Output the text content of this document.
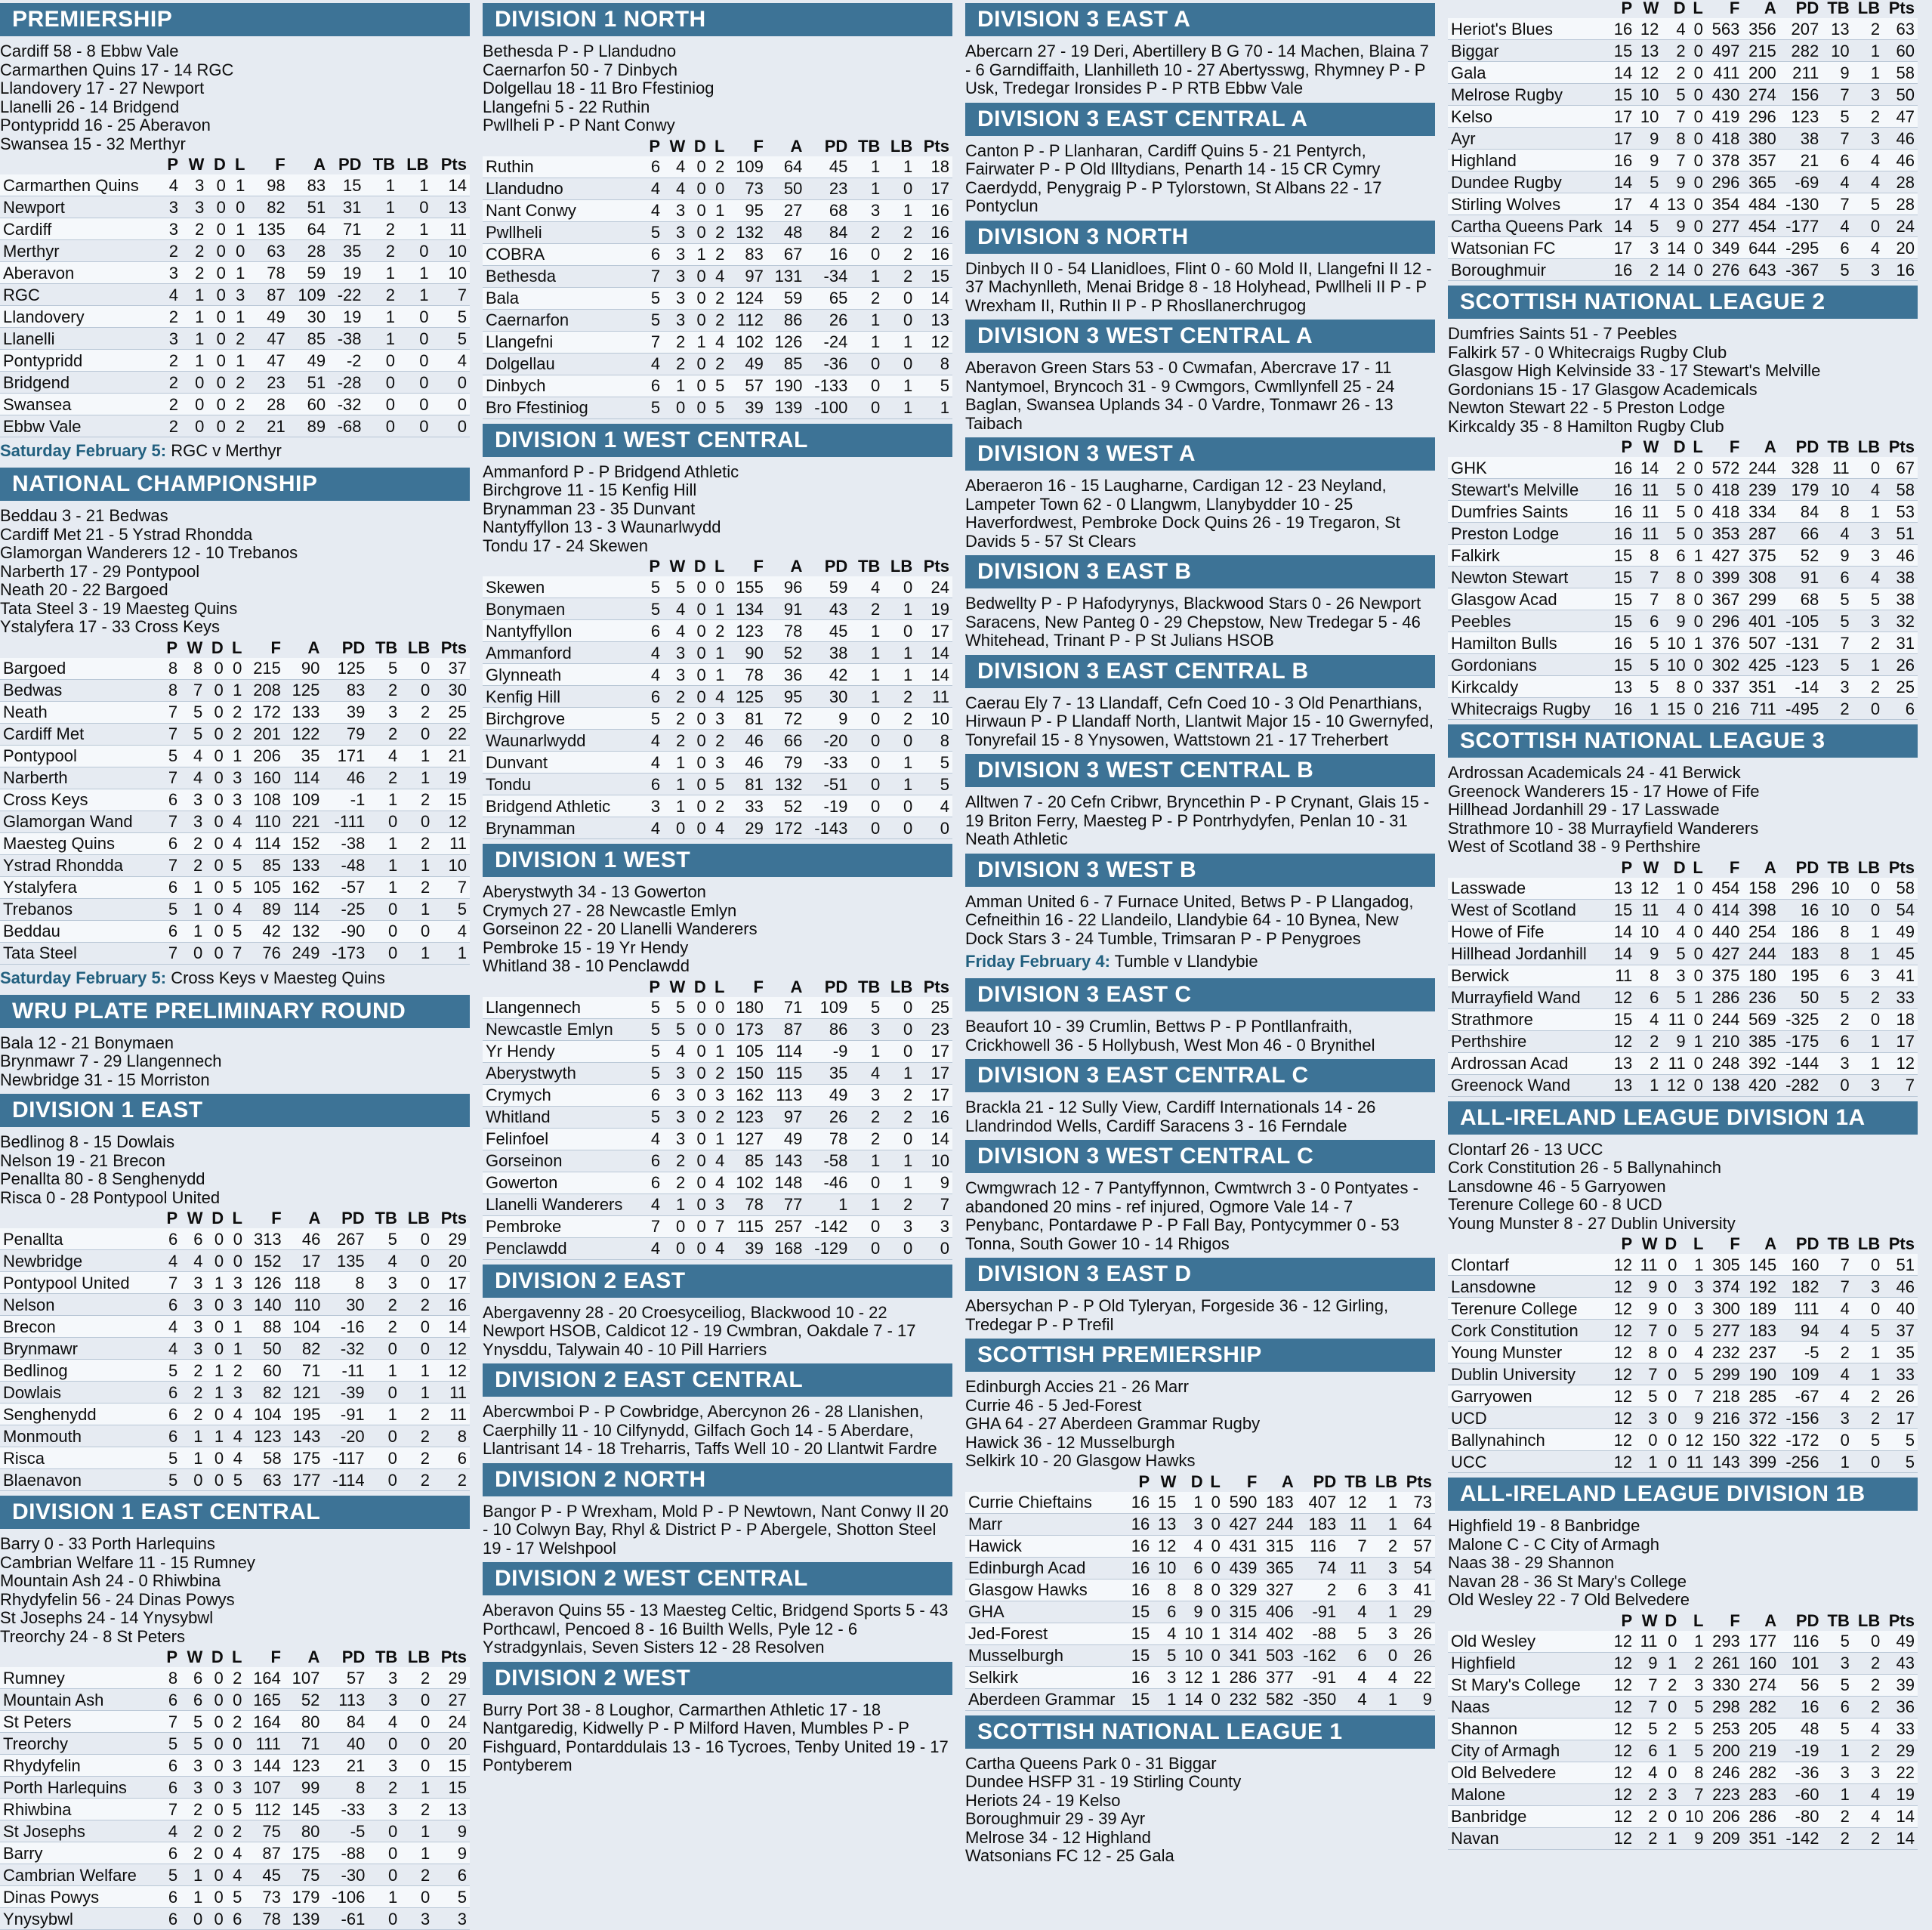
PREMIERSHIP
Cardiff 58 - 8 Ebbw Vale
Carmarthen Quins 17 - 14 RGC
Llandovery 17 - 27 Newport
Llanelli 26 - 14 Bridgend
Pontypridd 16 - 25 Aberavon
Swansea 15 - 32 Merthyr
	P	W	D	L	F	A	PD	TB	LB	Pts
Carmarthen Quins	4	3	0	1	98	83	15	1	1	14
Newport	3	3	0	0	82	51	31	1	0	13
Cardiff	3	2	0	1	135	64	71	2	1	11
Merthyr	2	2	0	0	63	28	35	2	0	10
Aberavon	3	2	0	1	78	59	19	1	1	10
RGC	4	1	0	3	87	109	-22	2	1	7
Llandovery	2	1	0	1	49	30	19	1	0	5
Llanelli	3	1	0	2	47	85	-38	1	0	5
Pontypridd	2	1	0	1	47	49	-2	0	0	4
Bridgend	2	0	0	2	23	51	-28	0	0	0
Swansea	2	0	0	2	28	60	-32	0	0	0
Ebbw Vale	2	0	0	2	21	89	-68	0	0	0
Saturday February 5: RGC v Merthyr
NATIONAL CHAMPIONSHIP
Beddau 3 - 21 Bedwas
Cardiff Met 21 - 5 Ystrad Rhondda
Glamorgan Wanderers 12 - 10 Trebanos
Narberth 17 - 29 Pontypool
Neath 20 - 22 Bargoed
Tata Steel 3 - 19 Maesteg Quins
Ystalyfera 17 - 33 Cross Keys
	P	W	D	L	F	A	PD	TB	LB	Pts
Bargoed	8	8	0	0	215	90	125	5	0	37
Bedwas	8	7	0	1	208	125	83	2	0	30
Neath	7	5	0	2	172	133	39	3	2	25
Cardiff Met	7	5	0	2	201	122	79	2	0	22
Pontypool	5	4	0	1	206	35	171	4	1	21
Narberth	7	4	0	3	160	114	46	2	1	19
Cross Keys	6	3	0	3	108	109	-1	1	2	15
Glamorgan Wand	7	3	0	4	110	221	-111	0	0	12
Maesteg Quins	6	2	0	4	114	152	-38	1	2	11
Ystrad Rhondda	7	2	0	5	85	133	-48	1	1	10
Ystalyfera	6	1	0	5	105	162	-57	1	2	7
Trebanos	5	1	0	4	89	114	-25	0	1	5
Beddau	6	1	0	5	42	132	-90	0	0	4
Tata Steel	7	0	0	7	76	249	-173	0	1	1
Saturday February 5: Cross Keys v Maesteg Quins
WRU PLATE PRELIMINARY ROUND
Bala 12 - 21 Bonymaen
Brynmawr 7 - 29 Llangennech
Newbridge 31 - 15 Morriston
DIVISION 1 EAST
Bedlinog 8 - 15 Dowlais
Nelson 19 - 21 Brecon
Penallta 80 - 8 Senghenydd
Risca 0 - 28 Pontypool United
	P	W	D	L	F	A	PD	TB	LB	Pts
Penallta	6	6	0	0	313	46	267	5	0	29
Newbridge	4	4	0	0	152	17	135	4	0	20
Pontypool United	7	3	1	3	126	118	8	3	0	17
Nelson	6	3	0	3	140	110	30	2	2	16
Brecon	4	3	0	1	88	104	-16	2	0	14
Brynmawr	4	3	0	1	50	82	-32	0	0	12
Bedlinog	5	2	1	2	60	71	-11	1	1	12
Dowlais	6	2	1	3	82	121	-39	0	1	11
Senghenydd	6	2	0	4	104	195	-91	1	2	11
Monmouth	6	1	1	4	123	143	-20	0	2	8
Risca	5	1	0	4	58	175	-117	0	2	6
Blaenavon	5	0	0	5	63	177	-114	0	2	2
DIVISION 1 EAST CENTRAL
Barry 0 - 33 Porth Harlequins
Cambrian Welfare 11 - 15 Rumney
Mountain Ash 24 - 0 Rhiwbina
Rhydyfelin 56 - 24 Dinas Powys
St Josephs 24 - 14 Ynysybwl
Treorchy 24 - 8 St Peters
	P	W	D	L	F	A	PD	TB	LB	Pts
Rumney	8	6	0	2	164	107	57	3	2	29
Mountain Ash	6	6	0	0	165	52	113	3	0	27
St Peters	7	5	0	2	164	80	84	4	0	24
Treorchy	5	5	0	0	111	71	40	0	0	20
Rhydyfelin	6	3	0	3	144	123	21	3	0	15
Porth Harlequins	6	3	0	3	107	99	8	2	1	15
Rhiwbina	7	2	0	5	112	145	-33	3	2	13
St Josephs	4	2	0	2	75	80	-5	0	1	9
Barry	6	2	0	4	87	175	-88	0	1	9
Cambrian Welfare	5	1	0	4	45	75	-30	0	2	6
Dinas Powys	6	1	0	5	73	179	-106	1	0	5
Ynysybwl	6	0	0	6	78	139	-61	0	3	3
DIVISION 1 NORTH
Bethesda P - P Llandudno
Caernarfon 50 - 7 Dinbych
Dolgellau 18 - 11 Bro Ffestiniog
Llangefni 5 - 22 Ruthin
Pwllheli P - P Nant Conwy
	P	W	D	L	F	A	PD	TB	LB	Pts
Ruthin	6	4	0	2	109	64	45	1	1	18
Llandudno	4	4	0	0	73	50	23	1	0	17
Nant Conwy	4	3	0	1	95	27	68	3	1	16
Pwllheli	5	3	0	2	132	48	84	2	2	16
COBRA	6	3	1	2	83	67	16	0	2	16
Bethesda	7	3	0	4	97	131	-34	1	2	15
Bala	5	3	0	2	124	59	65	2	0	14
Caernarfon	5	3	0	2	112	86	26	1	0	13
Llangefni	7	2	1	4	102	126	-24	1	1	12
Dolgellau	4	2	0	2	49	85	-36	0	0	8
Dinbych	6	1	0	5	57	190	-133	0	1	5
Bro Ffestiniog	5	0	0	5	39	139	-100	0	1	1
DIVISION 1 WEST CENTRAL
Ammanford P - P Bridgend Athletic
Birchgrove 11 - 15 Kenfig Hill
Brynamman 23 - 35 Dunvant
Nantyffyllon 13 - 3 Waunarlwydd
Tondu 17 - 24 Skewen
	P	W	D	L	F	A	PD	TB	LB	Pts
Skewen	5	5	0	0	155	96	59	4	0	24
Bonymaen	5	4	0	1	134	91	43	2	1	19
Nantyffyllon	6	4	0	2	123	78	45	1	0	17
Ammanford	4	3	0	1	90	52	38	1	1	14
Glynneath	4	3	0	1	78	36	42	1	1	14
Kenfig Hill	6	2	0	4	125	95	30	1	2	11
Birchgrove	5	2	0	3	81	72	9	0	2	10
Waunarlwydd	4	2	0	2	46	66	-20	0	0	8
Dunvant	4	1	0	3	46	79	-33	0	1	5
Tondu	6	1	0	5	81	132	-51	0	1	5
Bridgend Athletic	3	1	0	2	33	52	-19	0	0	4
Brynamman	4	0	0	4	29	172	-143	0	0	0
DIVISION 1 WEST
Aberystwyth 34 - 13 Gowerton
Crymych 27 - 28 Newcastle Emlyn
Gorseinon 22 - 20 Llanelli Wanderers
Pembroke 15 - 19 Yr Hendy
Whitland 38 - 10 Penclawdd
	P	W	D	L	F	A	PD	TB	LB	Pts
Llangennech	5	5	0	0	180	71	109	5	0	25
Newcastle Emlyn	5	5	0	0	173	87	86	3	0	23
Yr Hendy	5	4	0	1	105	114	-9	1	0	17
Aberystwyth	5	3	0	2	150	115	35	4	1	17
Crymych	6	3	0	3	162	113	49	3	2	17
Whitland	5	3	0	2	123	97	26	2	2	16
Felinfoel	4	3	0	1	127	49	78	2	0	14
Gorseinon	6	2	0	4	85	143	-58	1	1	10
Gowerton	6	2	0	4	102	148	-46	0	1	9
Llanelli Wanderers	4	1	0	3	78	77	1	1	2	7
Pembroke	7	0	0	7	115	257	-142	0	3	3
Penclawdd	4	0	0	4	39	168	-129	0	0	0
DIVISION 2 EAST
Abergavenny 28 - 20 Croesyceiliog, Blackwood 10 - 22 Newport HSOB, Caldicot 12 - 19 Cwmbran, Oakdale 7 - 17 Ynysddu, Talywain 40 - 10 Pill Harriers
DIVISION 2 EAST CENTRAL
Abercwmboi P - P Cowbridge, Abercynon 26 - 28 Llanishen, Caerphilly 11 - 10 Cilfynydd, Gilfach Goch 14 - 5 Aberdare, Llantrisant 14 - 18 Treharris, Taffs Well 10 - 20 Llantwit Fardre
DIVISION 2 NORTH
Bangor P - P Wrexham, Mold P - P Newtown, Nant Conwy II 20 - 10 Colwyn Bay, Rhyl & District P - P Abergele, Shotton Steel 19 - 17 Welshpool
DIVISION 2 WEST CENTRAL
Aberavon Quins 55 - 13 Maesteg Celtic, Bridgend Sports 5 - 43 Porthcawl, Pencoed 8 - 16 Builth Wells, Pyle 12 - 6 Ystradgynlais, Seven Sisters 12 - 28 Resolven
DIVISION 2 WEST
Burry Port 38 - 8 Loughor, Carmarthen Athletic 17 - 18 Nantgaredig, Kidwelly P - P Milford Haven, Mumbles P - P Fishguard, Pontarddulais 13 - 16 Tycroes, Tenby United 19 - 17 Pontyberem
DIVISION 3 EAST A
Abercarn 27 - 19 Deri, Abertillery B G 70 - 14 Machen, Blaina 7 - 6 Garndiffaith, Llanhilleth 10 - 27 Abertysswg, Rhymney P - P Usk, Tredegar Ironsides P - P RTB Ebbw Vale
DIVISION 3 EAST CENTRAL A
Canton P - P Llanharan, Cardiff Quins 5 - 21 Pentyrch, Fairwater P - P Old Illtydians, Penarth 14 - 15 CR Cymry Caerdydd, Penygraig P - P Tylorstown, St Albans 22 - 17 Pontyclun
DIVISION 3 NORTH
Dinbych II 0 - 54 Llanidloes, Flint 0 - 60 Mold II, Llangefni II 12 - 37 Machynlleth, Menai Bridge 8 - 18 Holyhead, Pwllheli II P - P Wrexham II, Ruthin II P - P Rhosllanerchrugog
DIVISION 3 WEST CENTRAL A
Aberavon Green Stars 53 - 0 Cwmafan, Abercrave 17 - 11 Nantymoel, Bryncoch 31 - 9 Cwmgors, Cwmllynfell 25 - 24 Baglan, Swansea Uplands 34 - 0 Vardre, Tonmawr 26 - 13 Taibach
DIVISION 3 WEST A
Aberaeron 16 - 15 Laugharne, Cardigan 12 - 23 Neyland, Lampeter Town 62 - 0 Llangwm, Llanybydder 10 - 25 Haverfordwest, Pembroke Dock Quins 26 - 19 Tregaron, St Davids 5 - 57 St Clears
DIVISION 3 EAST B
Bedwellty P - P Hafodyrynys, Blackwood Stars 0 - 26 Newport Saracens, New Panteg 0 - 29 Chepstow, New Tredegar 5 - 46 Whitehead, Trinant P - P St Julians HSOB
DIVISION 3 EAST CENTRAL B
Caerau Ely 7 - 13 Llandaff, Cefn Coed 10 - 3 Old Penarthians, Hirwaun P - P Llandaff North, Llantwit Major 15 - 10 Gwernyfed, Tonyrefail 15 - 8 Ynysowen, Wattstown 21 - 17 Treherbert
DIVISION 3 WEST CENTRAL B
Alltwen 7 - 20 Cefn Cribwr, Bryncethin P - P Crynant, Glais 15 - 19 Briton Ferry, Maesteg P - P Pontrhydyfen, Penlan 10 - 31 Neath Athletic
DIVISION 3 WEST B
Amman United 6 - 7 Furnace United, Betws P - P Llangadog, Cefneithin 16 - 22 Llandeilo, Llandybie 64 - 10 Bynea, New Dock Stars 3 - 24 Tumble, Trimsaran P - P Penygroes
Friday February 4: Tumble v Llandybie
DIVISION 3 EAST C
Beaufort 10 - 39 Crumlin, Bettws P - P Pontllanfraith, Crickhowell 36 - 5 Hollybush, West Mon 46 - 0 Brynithel
DIVISION 3 EAST CENTRAL C
Brackla 21 - 12 Sully View, Cardiff Internationals 14 - 26 Llandrindod Wells, Cardiff Saracens 3 - 16 Ferndale
DIVISION 3 WEST CENTRAL C
Cwmgwrach 12 - 7 Pantyffynnon, Cwmtwrch 3 - 0 Pontyates - abandoned 20 mins - ref injured, Ogmore Vale 14 - 7 Penybanc, Pontardawe P - P Fall Bay, Pontycymmer 0 - 53 Tonna, South Gower 10 - 14 Rhigos
DIVISION 3 EAST D
Abersychan P - P Old Tyleryan, Forgeside 36 - 12 Girling, Tredegar P - P Trefil
SCOTTISH PREMIERSHIP
Edinburgh Accies 21 - 26 Marr
Currie 46 - 5 Jed-Forest
GHA 64 - 27 Aberdeen Grammar Rugby
Hawick 36 - 12 Musselburgh
Selkirk 10 - 20 Glasgow Hawks
	P	W	D	L	F	A	PD	TB	LB	Pts
Currie Chieftains	16	15	1	0	590	183	407	12	1	73
Marr	16	13	3	0	427	244	183	11	1	64
Hawick	16	12	4	0	431	315	116	7	2	57
Edinburgh Acad	16	10	6	0	439	365	74	11	3	54
Glasgow Hawks	16	8	8	0	329	327	2	6	3	41
GHA	15	6	9	0	315	406	-91	4	1	29
Jed-Forest	15	4	10	1	314	402	-88	5	3	26
Musselburgh	15	5	10	0	341	503	-162	6	0	26
Selkirk	16	3	12	1	286	377	-91	4	4	22
Aberdeen Grammar	15	1	14	0	232	582	-350	4	1	9
SCOTTISH NATIONAL LEAGUE 1
Cartha Queens Park 0 - 31 Biggar
Dundee HSFP 31 - 19 Stirling County
Heriots 24 - 19 Kelso
Boroughmuir 29 - 39 Ayr
Melrose 34 - 12 Highland
Watsonians FC 12 - 25 Gala
	P	W	D	L	F	A	PD	TB	LB	Pts
Heriot's Blues	16	12	4	0	563	356	207	13	2	63
Biggar	15	13	2	0	497	215	282	10	1	60
Gala	14	12	2	0	411	200	211	9	1	58
Melrose Rugby	15	10	5	0	430	274	156	7	3	50
Kelso	17	10	7	0	419	296	123	5	2	47
Ayr	17	9	8	0	418	380	38	7	3	46
Highland	16	9	7	0	378	357	21	6	4	46
Dundee Rugby	14	5	9	0	296	365	-69	4	4	28
Stirling Wolves	17	4	13	0	354	484	-130	7	5	28
Cartha Queens Park	14	5	9	0	277	454	-177	4	0	24
Watsonian FC	17	3	14	0	349	644	-295	6	4	20
Boroughmuir	16	2	14	0	276	643	-367	5	3	16
SCOTTISH NATIONAL LEAGUE 2
Dumfries Saints 51 - 7 Peebles
Falkirk 57 - 0 Whitecraigs Rugby Club
Glasgow High Kelvinside 33 - 17 Stewart's Melville
Gordonians 15 - 17 Glasgow Academicals
Newton Stewart 22 - 5 Preston Lodge
Kirkcaldy 35 - 8 Hamilton Rugby Club
	P	W	D	L	F	A	PD	TB	LB	Pts
GHK	16	14	2	0	572	244	328	11	0	67
Stewart's Melville	16	11	5	0	418	239	179	10	4	58
Dumfries Saints	16	11	5	0	418	334	84	8	1	53
Preston Lodge	16	11	5	0	353	287	66	4	3	51
Falkirk	15	8	6	1	427	375	52	9	3	46
Newton Stewart	15	7	8	0	399	308	91	6	4	38
Glasgow Acad	15	7	8	0	367	299	68	5	5	38
Peebles	15	6	9	0	296	401	-105	5	3	32
Hamilton Bulls	16	5	10	1	376	507	-131	7	2	31
Gordonians	15	5	10	0	302	425	-123	5	1	26
Kirkcaldy	13	5	8	0	337	351	-14	3	2	25
Whitecraigs Rugby	16	1	15	0	216	711	-495	2	0	6
SCOTTISH NATIONAL LEAGUE 3
Ardrossan Academicals 24 - 41 Berwick
Greenock Wanderers 15 - 17 Howe of Fife
Hillhead Jordanhill 29 - 17 Lasswade
Strathmore 10 - 38 Murrayfield Wanderers
West of Scotland 38 - 9 Perthshire
	P	W	D	L	F	A	PD	TB	LB	Pts
Lasswade	13	12	1	0	454	158	296	10	0	58
West of Scotland	15	11	4	0	414	398	16	10	0	54
Howe of Fife	14	10	4	0	440	254	186	8	1	49
Hillhead Jordanhill	14	9	5	0	427	244	183	8	1	45
Berwick	11	8	3	0	375	180	195	6	3	41
Murrayfield Wand	12	6	5	1	286	236	50	5	2	33
Strathmore	15	4	11	0	244	569	-325	2	0	18
Perthshire	12	2	9	1	210	385	-175	6	1	17
Ardrossan Acad	13	2	11	0	248	392	-144	3	1	12
Greenock Wand	13	1	12	0	138	420	-282	0	3	7
ALL-IRELAND LEAGUE DIVISION 1A
Clontarf 26 - 13 UCC
Cork Constitution 26 - 5 Ballynahinch
Lansdowne 46 - 5 Garryowen
Terenure College 60 - 8 UCD
Young Munster 8 - 27 Dublin University
	P	W	D	L	F	A	PD	TB	LB	Pts
Clontarf	12	11	0	1	305	145	160	7	0	51
Lansdowne	12	9	0	3	374	192	182	7	3	46
Terenure College	12	9	0	3	300	189	111	4	0	40
Cork Constitution	12	7	0	5	277	183	94	4	5	37
Young Munster	12	8	0	4	232	237	-5	2	1	35
Dublin University	12	7	0	5	299	190	109	4	1	33
Garryowen	12	5	0	7	218	285	-67	4	2	26
UCD	12	3	0	9	216	372	-156	3	2	17
Ballynahinch	12	0	0	12	150	322	-172	0	5	5
UCC	12	1	0	11	143	399	-256	1	0	5
ALL-IRELAND LEAGUE DIVISION 1B
Highfield 19 - 8 Banbridge
Malone C - C City of Armagh
Naas 38 - 29 Shannon
Navan 28 - 36 St Mary's College
Old Wesley 22 - 7 Old Belvedere
	P	W	D	L	F	A	PD	TB	LB	Pts
Old Wesley	12	11	0	1	293	177	116	5	0	49
Highfield	12	9	1	2	261	160	101	3	2	43
St Mary's College	12	7	2	3	330	274	56	5	2	39
Naas	12	7	0	5	298	282	16	6	2	36
Shannon	12	5	2	5	253	205	48	5	4	33
City of Armagh	12	6	1	5	200	219	-19	1	2	29
Old Belvedere	12	4	0	8	246	282	-36	3	3	22
Malone	12	2	3	7	223	283	-60	1	4	19
Banbridge	12	2	0	10	206	286	-80	2	4	14
Navan	12	2	1	9	209	351	-142	2	2	14
